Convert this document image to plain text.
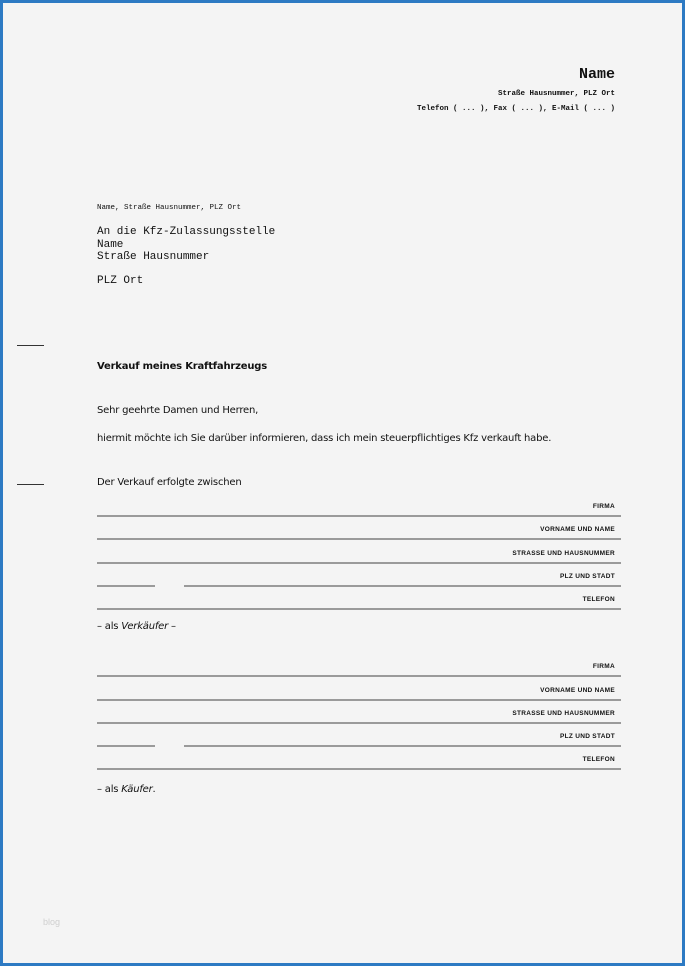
Name
Straße Hausnummer, PLZ Ort
Telefon ( ... ), Fax ( ... ), E-Mail ( ... )
Name, Straße Hausnummer, PLZ Ort
An die Kfz-Zulassungsstelle
Name
Straße Hausnummer
PLZ Ort
Verkauf meines Kraftfahrzeugs
Sehr geehrte Damen und Herren,
hiermit möchte ich Sie darüber informieren, dass ich mein steuerpflichtiges Kfz verkauft habe.
Der Verkauf erfolgte zwischen
FIRMA
VORNAME UND NAME
STRASSE UND HAUSNUMMER
PLZ UND STADT
TELEFON
– als Verkäufer –
FIRMA
VORNAME UND NAME
STRASSE UND HAUSNUMMER
PLZ UND STADT
TELEFON
– als Käufer.
blog
